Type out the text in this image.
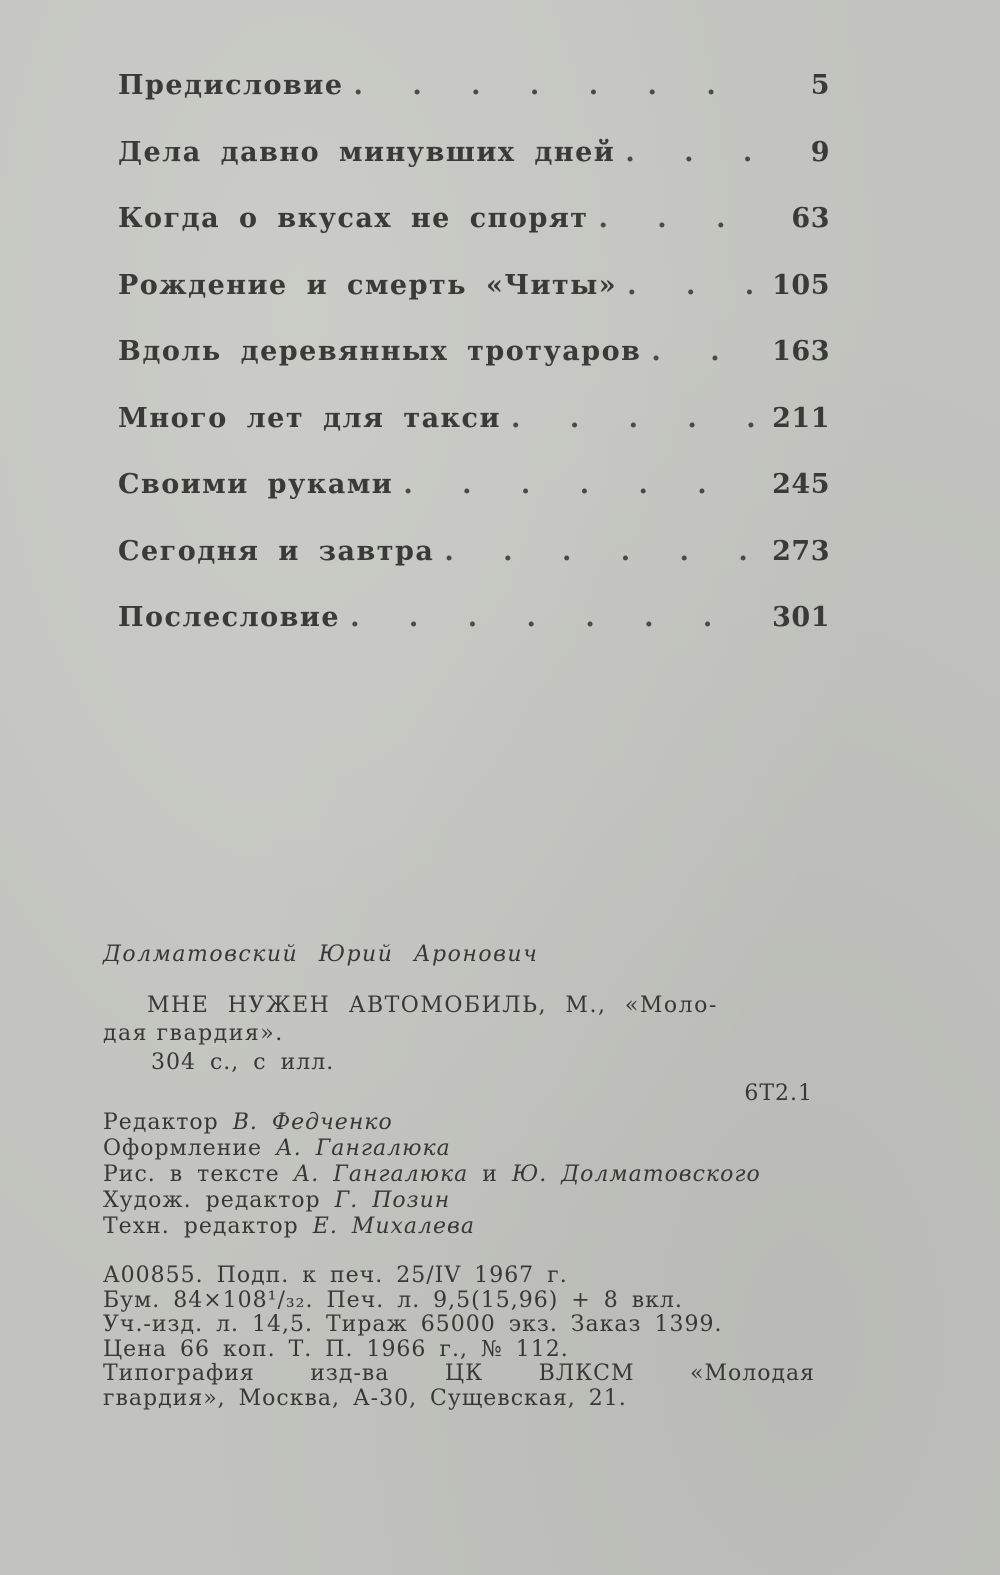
Предисловие . . .	5
Дела давно минувших дней . . .	9
Когда о вкусах не спорят . . .	63
Рождение и смерть «Читы» . . .	105
Вдоль деревянных тротуаров . . .	163
Много лет для такси . . .	211
Своими руками . . .	245
Сегодня и завтра . . .	273
Послесловие . . .	301
Долматовский Юрий Аронович
МНЕ НУЖЕН АВТОМОБИЛЬ, М., «Моло-
дая гвардия».
304 с., с илл.
6Т2.1
Редактор В. Федченко
Оформление А. Гангалюка
Рис. в тексте А. Гангалюка и Ю. Долматовского
Худож. редактор Г. Позин
Техн. редактор Е. Михалева
А00855. Подп. к печ. 25/IV 1967 г.
Бум. 84×108¹/₃₂. Печ. л. 9,5(15,96) + 8 вкл.
Уч.-изд. л. 14,5. Тираж 65000 экз. Заказ 1399.
Цена 66 коп. Т. П. 1966 г., № 112.
Типография изд-ва ЦК ВЛКСМ «Молодая
гвардия», Москва, А-30, Сущевская, 21.
